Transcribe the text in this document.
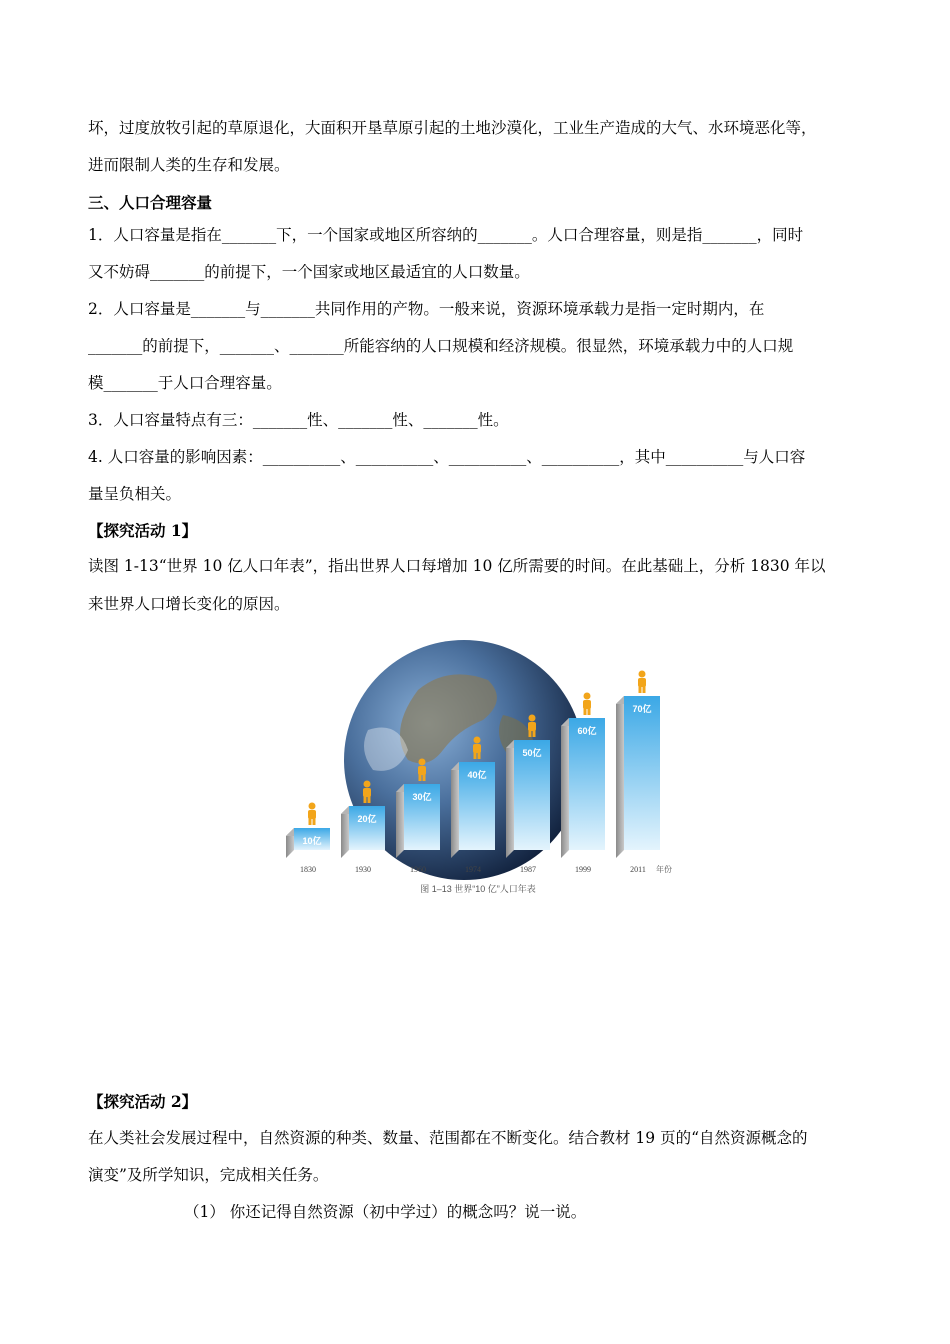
坏，过度放牧引起的草原退化，大面积开垦草原引起的土地沙漠化，工业生产造成的大气、水环境恶化等，

进而限制人类的生存和发展。

三、人口合理容量

1．人口容量是指在_______下，一个国家或地区所容纳的_______。人口合理容量，则是指_______，同时

又不妨碍_______的前提下，一个国家或地区最适宜的人口数量。

2．人口容量是_______与_______共同作用的产物。一般来说，资源环境承载力是指一定时期内，在

_______的前提下，_______、_______所能容纳的人口规模和经济规模。很显然，环境承载力中的人口规

模_______于人口合理容量。

3．人口容量特点有三：_______性、_______性、_______性。

4. 人口容量的影响因素：__________、__________、__________、__________，其中__________与人口容

量呈负相关。

【探究活动 1】

读图 1-13“世界 10 亿人口年表”，指出世界人口每增加 10 亿所需要的时间。在此基础上，分析 1830 年以

来世界人口增长变化的原因。

10亿
20亿
30亿
40亿
50亿
60亿
70亿
1830	1930	1960	1974	1987	1999	2011 年份
图 1–13 世界“10 亿”人口年表

【探究活动 2】

在人类社会发展过程中，自然资源的种类、数量、范围都在不断变化。结合教材 19 页的“自然资源概念的

演变”及所学知识，完成相关任务。

（1） 你还记得自然资源（初中学过）的概念吗？说一说。
